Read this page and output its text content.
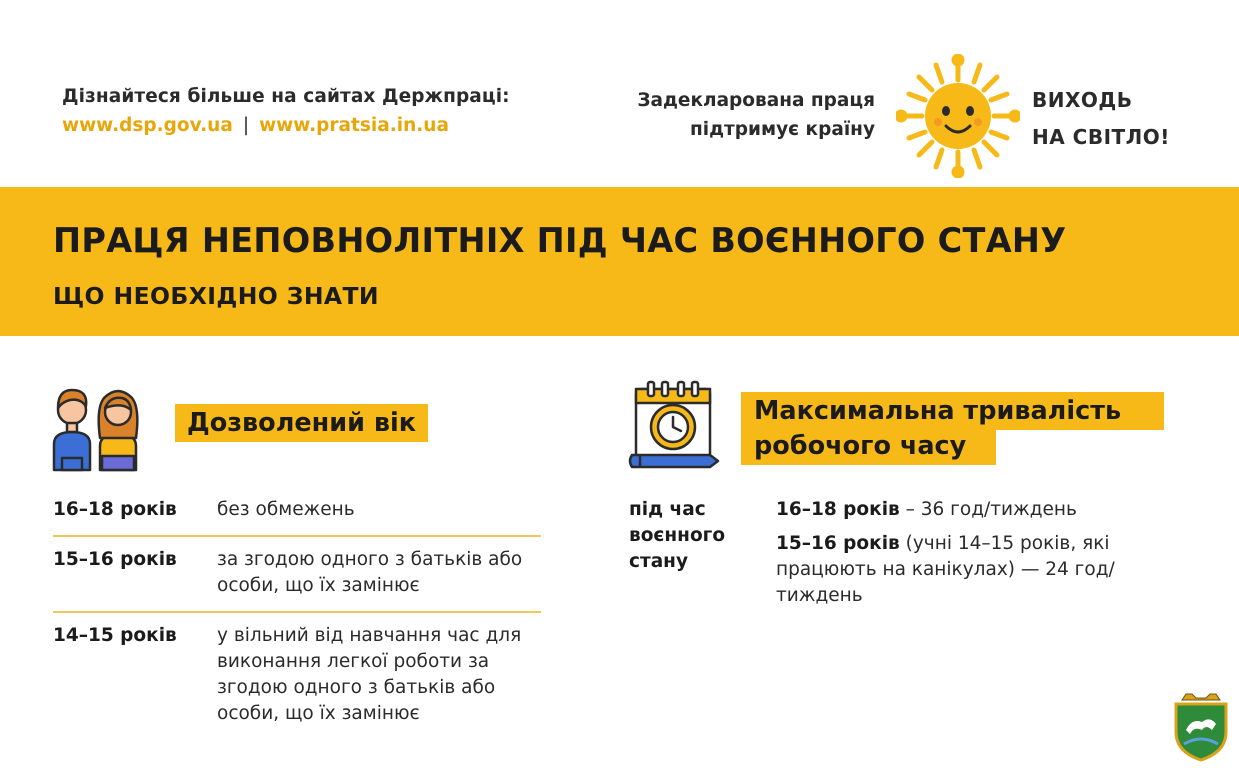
Дізнайтеся більше на сайтах Держпраці:
www.dsp.gov.ua | www.pratsia.in.ua
Задекларована праця
підтримує країну
ВИХОДЬ
НА СВІТЛО!
ПРАЦЯ НЕПОВНОЛІТНІХ ПІД ЧАС ВОЄННОГО СТАНУ
ЩО НЕОБХІДНО ЗНАТИ
Дозволений вік
16–18 років	без обмежень
15–16 років	за згодою одного з батьків або особи, що їх замінює
14–15 років	у вільний від навчання час для виконання легкої роботи за згодою одного з батьків або особи, що їх замінює
Максимальна тривалість
робочого часу
під час воєнного стану

16–18 років – 36 год/тиждень

15–16 років (учні 14–15 років, які працюють на канікулах) — 24 год/тиждень
